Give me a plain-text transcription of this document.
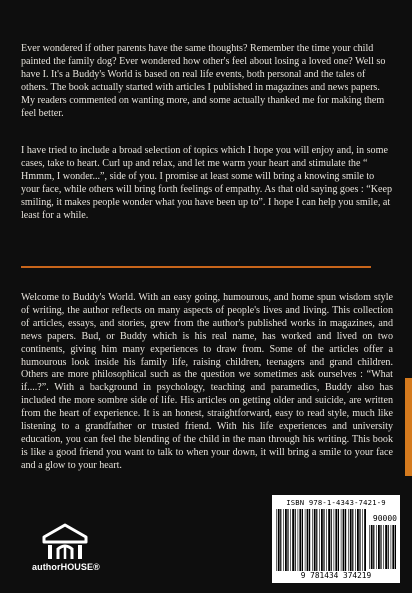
Ever wondered if other parents have the same thoughts? Remember the time your child painted the family dog? Ever wondered how other's feel about losing a loved one? Well so have I. It's a Buddy's World is based on real life events, both personal and the tales of others. The book actually started with articles I published in magazines and news papers. My readers commented on wanting more, and some actually thanked me for making them feel better.

I have tried to include a broad selection of topics which I hope you will enjoy and, in some cases, take to heart. Curl up and relax, and let me warm your heart and stimulate the “ Hmmm, I wonder...”, side of you. I promise at least some will bring a knowing smile to your face, while others will bring forth feelings of empathy. As that old saying goes : “Keep smiling, it makes people wonder what you have been up to”. I hope I can help you smile, at least for a while.

Welcome to Buddy's World. With an easy going, humourous, and home spun wisdom style of writing, the author reflects on many aspects of people's lives and living. This collection of articles, essays, and stories, grew from the author's published works in magazines, and news papers. Bud, or Buddy which is his real name, has worked and lived on two continents, giving him many experiences to draw from. Some of the articles offer a humourous look inside his family life, raising children, teenagers and grand children. Others are more philosophical such as the question we sometimes ask ourselves : “What if....?”. With a background in psychology, teaching and paramedics, Buddy also has included the more sombre side of life. His articles on getting older and suicide, are written from the heart of experience. It is an honest, straightforward, easy to read style, much like listening to a grandfather or trusted friend. With his life experiences and university education, you can feel the blending of the child in the man through his writing. This book is like a good friend you want to talk to when your down, it will bring a smile to your face and a glow to your heart.

ISBN 978-1-4343-7421-9
90000
9 781434 374219
authorHOUSE®
